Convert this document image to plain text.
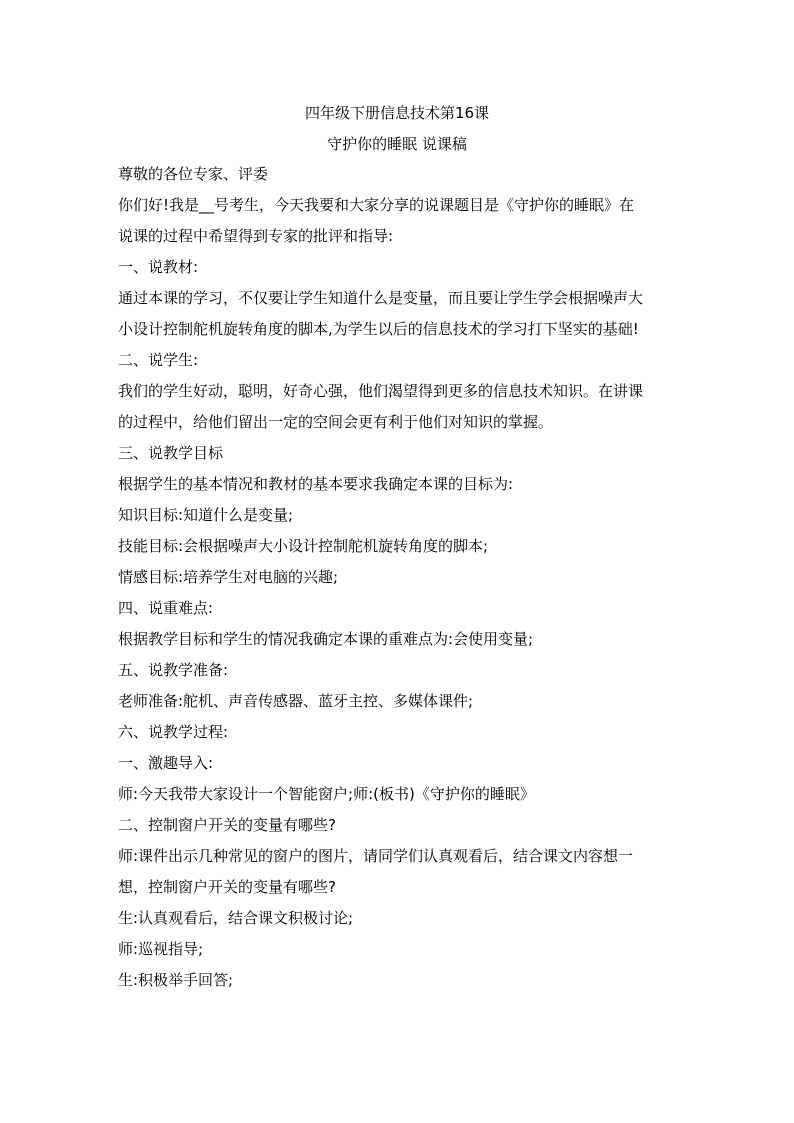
四年级下册信息技术第16课
守护你的睡眠 说课稿
尊敬的各位专家、评委
你们好!我是__号考生，今天我要和大家分享的说课题目是《守护你的睡眠》在
说课的过程中希望得到专家的批评和指导:
一、说教材:
通过本课的学习，不仅要让学生知道什么是变量，而且要让学生学会根据噪声大
小设计控制舵机旋转角度的脚本,为学生以后的信息技术的学习打下坚实的基础!
二、说学生:
我们的学生好动，聪明，好奇心强，他们渴望得到更多的信息技术知识。在讲课
的过程中，给他们留出一定的空间会更有利于他们对知识的掌握。
三、说教学目标
根据学生的基本情况和教材的基本要求我确定本课的目标为:
知识目标:知道什么是变量;
技能目标:会根据噪声大小设计控制舵机旋转角度的脚本;
情感目标:培养学生对电脑的兴趣;
四、说重难点:
根据教学目标和学生的情况我确定本课的重难点为:会使用变量;
五、说教学准备:
老师准备:舵机、声音传感器、蓝牙主控、多媒体课件;
六、说教学过程:
一、激趣导入:
师:今天我带大家设计一个智能窗户;师:(板书)《守护你的睡眠》
二、控制窗户开关的变量有哪些?
师:课件出示几种常见的窗户的图片，请同学们认真观看后，结合课文内容想一
想，控制窗户开关的变量有哪些?
生:认真观看后，结合课文积极讨论;
师:巡视指导;
生:积极举手回答;
